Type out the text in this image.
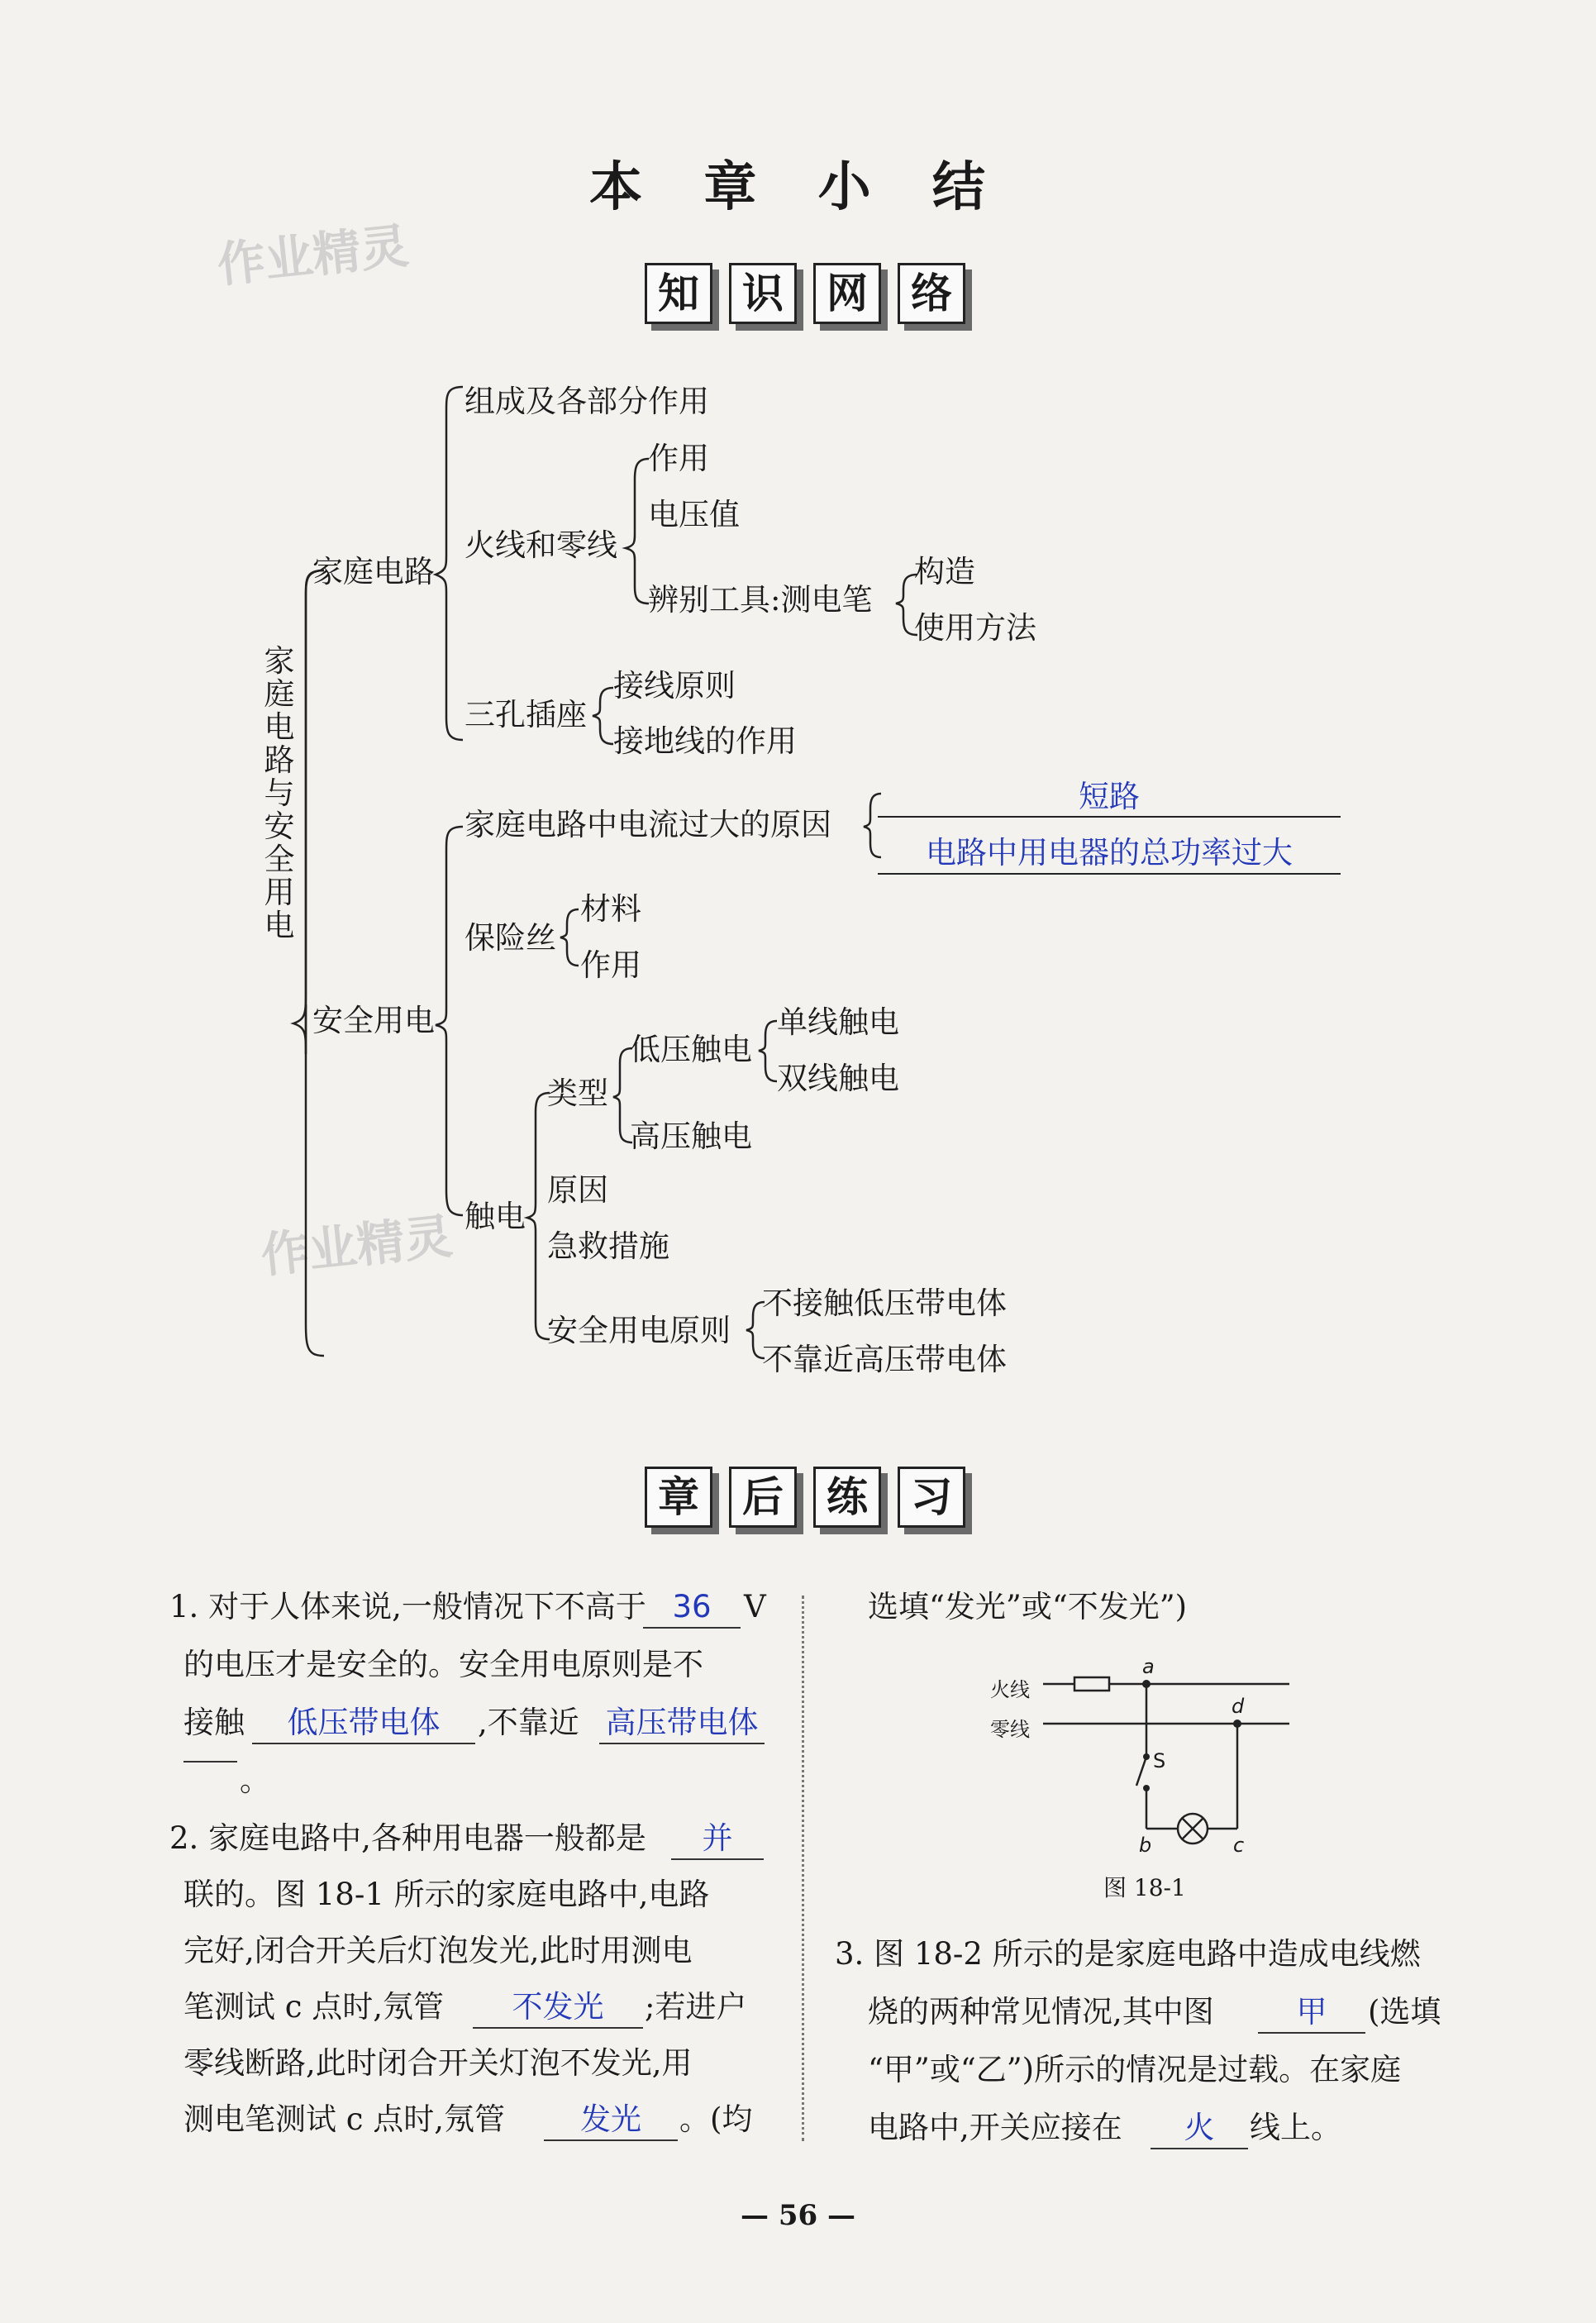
本 章 小 结
作业精灵
作业精灵
知	识	网	络
家庭电路与安全用电
家庭电路
组成及各部分作用
火线和零线
作用
电压值
辨别工具:测电笔
构造
使用方法
三孔插座
接线原则
接地线的作用
安全用电
家庭电路中电流过大的原因
短路
电路中用电器的总功率过大
保险丝
材料
作用
触电
类型
低压触电
单线触电
双线触电
高压触电
原因
急救措施
安全用电原则
不接触低压带电体
不靠近高压带电体
章	后	练	习
1. 对于人体来说,一般情况下不高于 36	V
的电压才是安全的。安全用电原则是不
接触	低压带电体	,不靠近 高压带电体
。
2. 家庭电路中,各种用电器一般都是	并
联的。图 18-1 所示的家庭电路中,电路
完好,闭合开关后灯泡发光,此时用测电
笔测试 c 点时,氖管	不发光	;若进户
零线断路,此时闭合开关灯泡不发光,用
测电笔测试 c 点时,氖管	发光	。(均
选填“发光”或“不发光”)
火线
零线
a
d
S
b	c
图 18-1
3. 图 18-2 所示的是家庭电路中造成电线燃
烧的两种常见情况,其中图	甲	(选填
“甲”或“乙”)所示的情况是过载。在家庭
电路中,开关应接在	火	线上。
— 56 —
